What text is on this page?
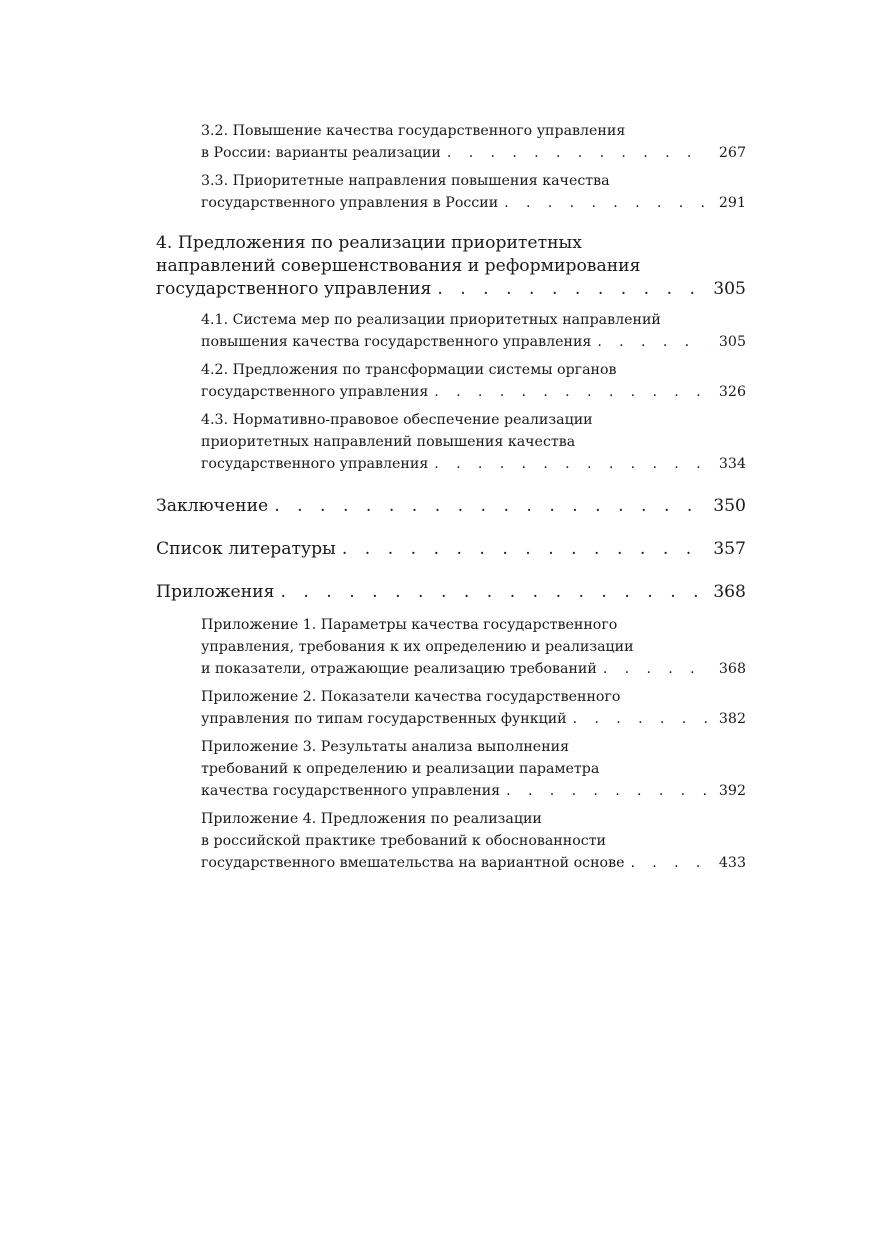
3.2. Повышение качества государственного управления
в России: варианты реализации . . .	267
3.3. Приоритетные направления повышения качества
государственного управления в России . . .	291
4. Предложения по реализации приоритетных
направлений совершенствования и реформирования
государственного управления . . .	305
4.1. Система мер по реализации приоритетных направлений
повышения качества государственного управления . . .	305
4.2. Предложения по трансформации системы органов
государственного управления . . .	326
4.3. Нормативно-правовое обеспечение реализации
приоритетных направлений повышения качества
государственного управления . . .	334
Заключение . . .	350
Список литературы . . .	357
Приложения . . .	368
Приложение 1. Параметры качества государственного
управления, требования к их определению и реализации
и показатели, отражающие реализацию требований . . .	368
Приложение 2. Показатели качества государственного
управления по типам государственных функций . . .	382
Приложение 3. Результаты анализа выполнения
требований к определению и реализации параметра
качества государственного управления . . .	392
Приложение 4. Предложения по реализации
в российской практике требований к обоснованности
государственного вмешательства на вариантной основе . . .	433
